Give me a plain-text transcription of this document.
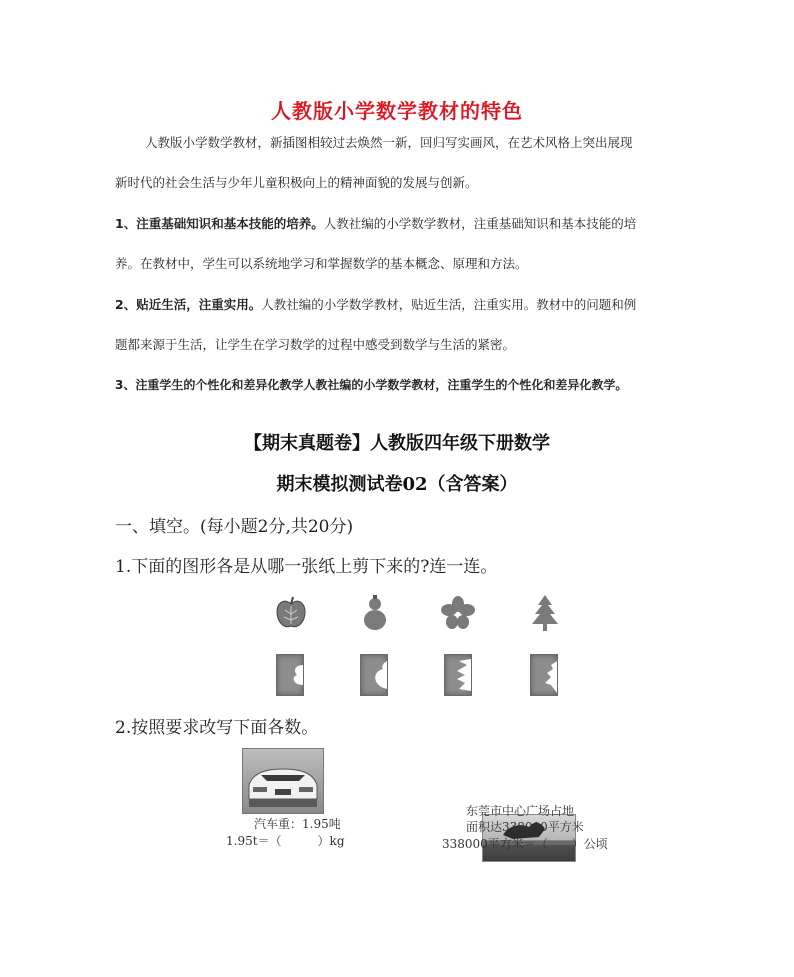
人教版小学数学教材的特色
人教版小学数学教材，新插图相较过去焕然一新，回归写实画风，在艺术风格上突出展现
新时代的社会生活与少年儿童积极向上的精神面貌的发展与创新。
1、注重基础知识和基本技能的培养。人教社编的小学数学教材，注重基础知识和基本技能的培
养。在教材中，学生可以系统地学习和掌握数学的基本概念、原理和方法。
2、贴近生活，注重实用。人教社编的小学数学教材，贴近生活，注重实用。教材中的问题和例
题都来源于生活，让学生在学习数学的过程中感受到数学与生活的紧密。
3、注重学生的个性化和差异化教学人教社编的小学数学教材，注重学生的个性化和差异化教学。
【期末真题卷】人教版四年级下册数学
期末模拟测试卷02（含答案）
一、填空。(每小题2分,共20分)
1.下面的图形各是从哪一张纸上剪下来的?连一连。
2.按照要求改写下面各数。
汽车重：1.95吨
1.95t＝（　　　）kg
东莞市中心广场占地
面积达338000平方米
338000平方米＝（　　）公顷
